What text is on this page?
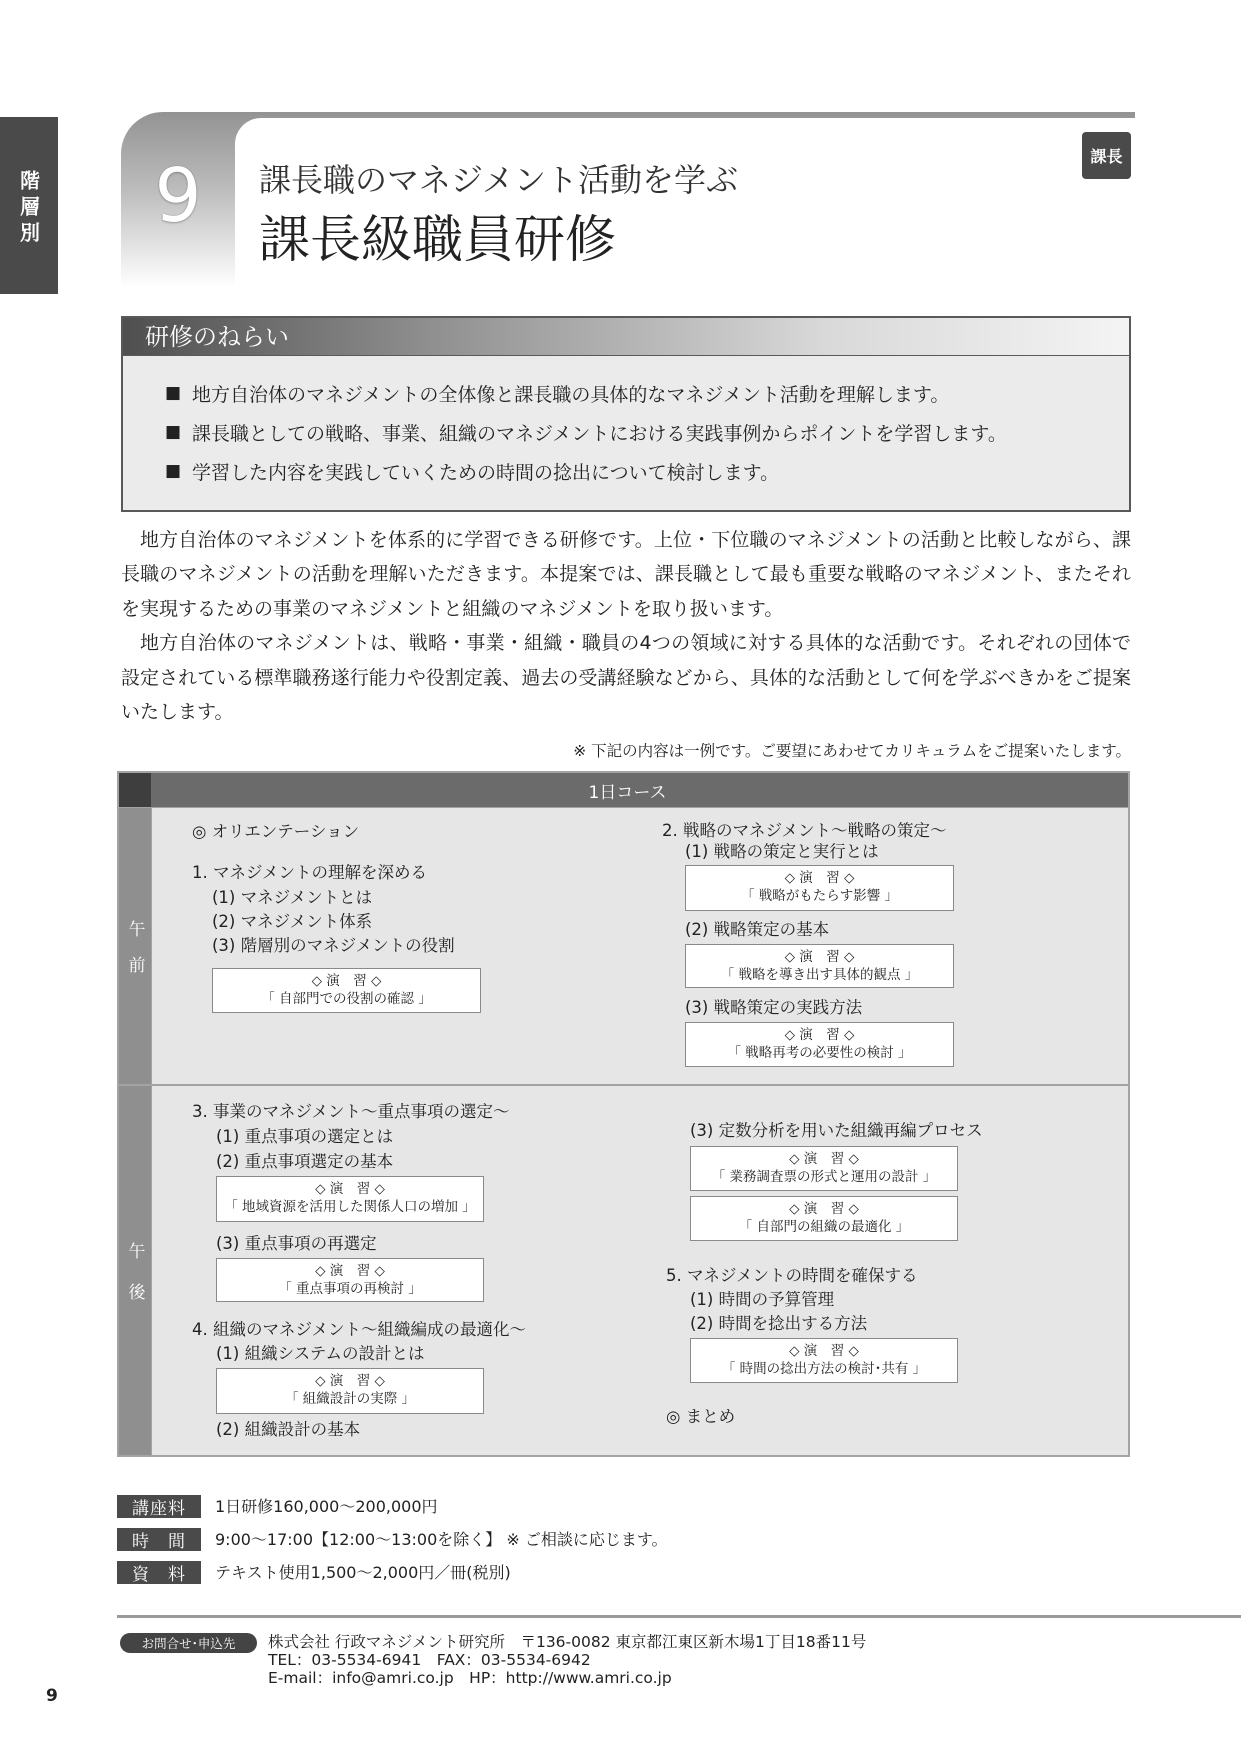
階層別	9	課長職のマネジメント活動を学ぶ
課長級職員研修
課長
研修のねらい
■ 地方自治体のマネジメントの全体像と課長職の具体的なマネジメント活動を理解します。
■ 課長職としての戦略、事業、組織のマネジメントにおける実践事例からポイントを学習します。
■ 学習した内容を実践していくための時間の捻出について検討します。

地方自治体のマネジメントを体系的に学習できる研修です。上位・下位職のマネジメントの活動と比較しながら、課長職のマネジメントの活動を理解いただきます。本提案では、課長職として最も重要な戦略のマネジメント、またそれを実現するための事業のマネジメントと組織のマネジメントを取り扱います。

地方自治体のマネジメントは、戦略・事業・組織・職員の4つの領域に対する具体的な活動です。それぞれの団体で設定されている標準職務遂行能力や役割定義、過去の受講経験などから、具体的な活動として何を学ぶべきかをご提案いたします。

※ 下記の内容は一例です。ご要望にあわせてカリキュラムをご提案いたします。
1日コース
午前
◎ オリエンテーション
1. マネジメントの理解を深める
(1) マネジメントとは
(2) マネジメント体系
(3) 階層別のマネジメントの役割
◇ 演　習 ◇
「 自部門での役割の確認 」
2. 戦略のマネジメント～戦略の策定～
(1) 戦略の策定と実行とは
◇ 演　習 ◇
「 戦略がもたらす影響 」
(2) 戦略策定の基本
◇ 演　習 ◇
「 戦略を導き出す具体的観点 」
(3) 戦略策定の実践方法
◇ 演　習 ◇
「 戦略再考の必要性の検討 」
午後
3. 事業のマネジメント～重点事項の選定～
(1) 重点事項の選定とは
(2) 重点事項選定の基本
◇ 演　習 ◇
「 地域資源を活用した関係人口の増加 」
(3) 重点事項の再選定
◇ 演　習 ◇
「 重点事項の再検討 」
4. 組織のマネジメント～組織編成の最適化～
(1) 組織システムの設計とは
◇ 演　習 ◇
「 組織設計の実際 」
(2) 組織設計の基本
(3) 定数分析を用いた組織再編プロセス
◇ 演　習 ◇
「 業務調査票の形式と運用の設計 」
◇ 演　習 ◇
「 自部門の組織の最適化 」
5. マネジメントの時間を確保する
(1) 時間の予算管理
(2) 時間を捻出する方法
◇ 演　習 ◇
「 時間の捻出方法の検討･共有 」
◎ まとめ
講座料	1日研修160,000～200,000円
時　間	9:00～17:00【12:00～13:00を除く】 ※ ご相談に応じます。
資　料	テキスト使用1,500～2,000円／冊(税別)
お問合せ･申込先	株式会社 行政マネジメント研究所　〒136-0082 東京都江東区新木場1丁目18番11号
TEL：03-5534-6941　FAX：03-5534-6942
E-mail：info@amri.co.jp　HP：http://www.amri.co.jp
9
